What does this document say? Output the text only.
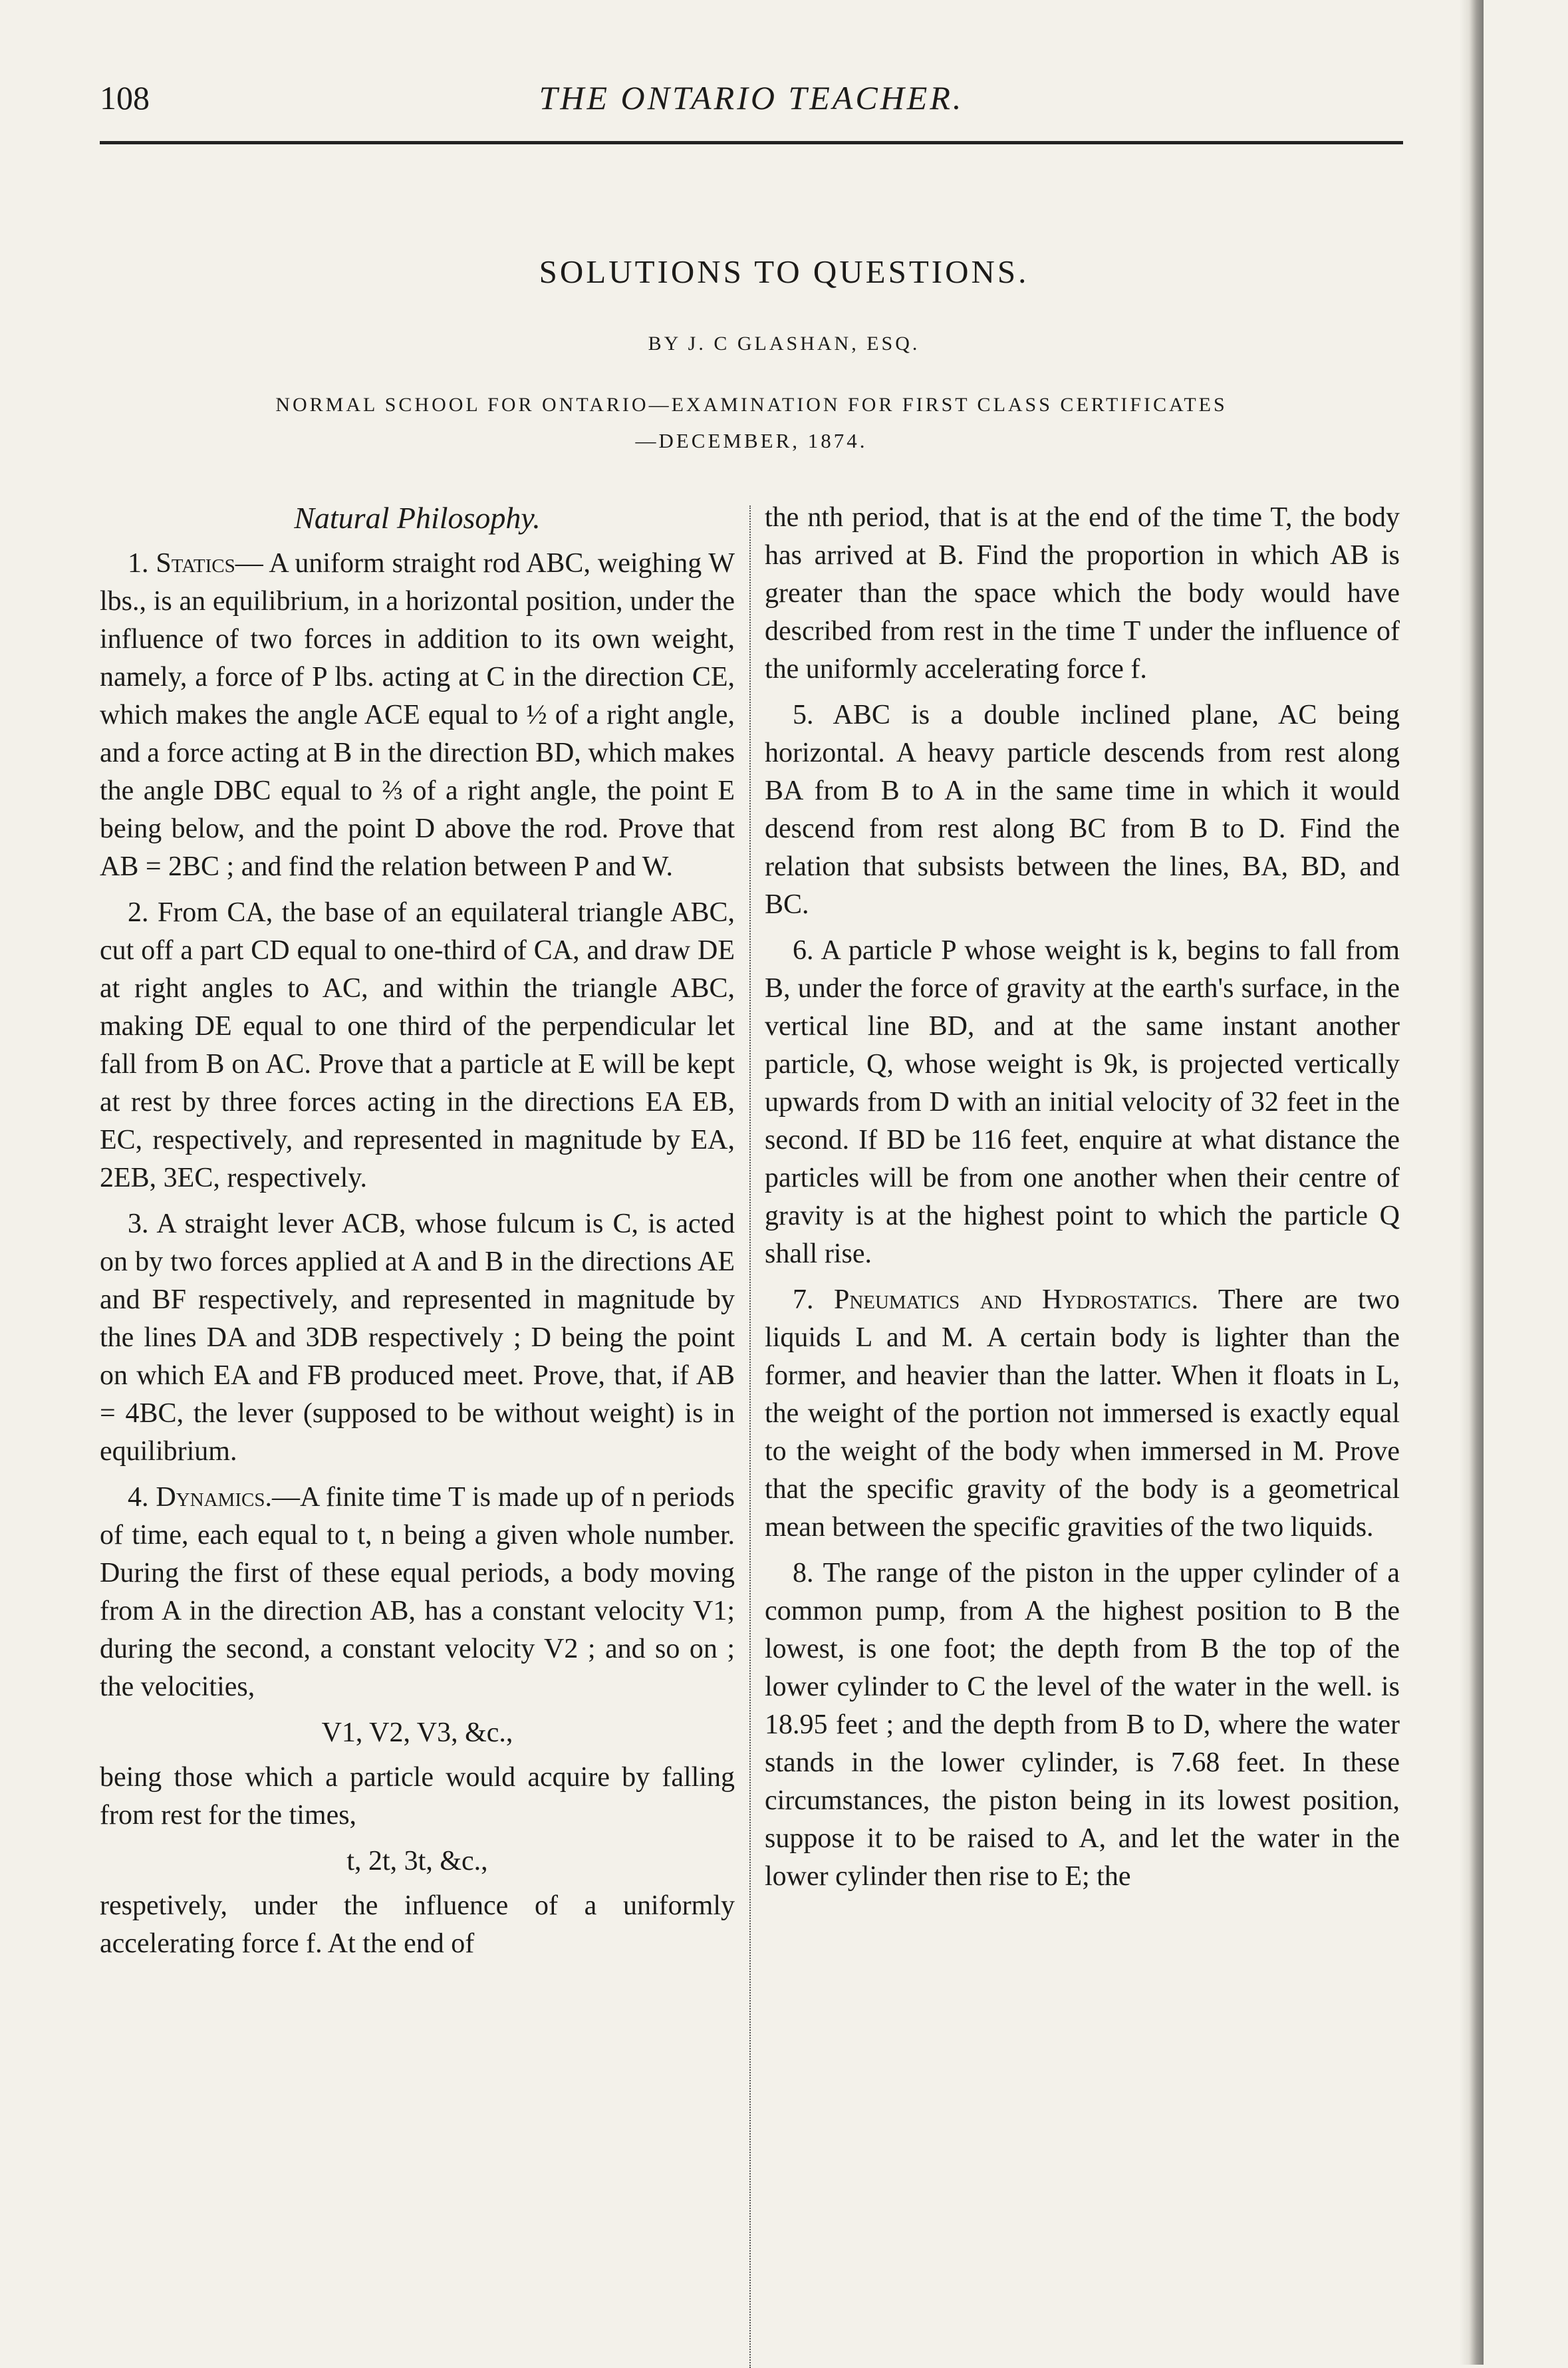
108	THE ONTARIO TEACHER.
SOLUTIONS TO QUESTIONS.
BY J. C GLASHAN, ESQ.
NORMAL SCHOOL FOR ONTARIO—EXAMINATION FOR FIRST CLASS CERTIFICATES
—DECEMBER, 1874.
Natural Philosophy.

1. Statics— A uniform straight rod ABC, weighing W lbs., is an equilibrium, in a horizontal position, under the influence of two forces in addition to its own weight, namely, a force of P lbs. acting at C in the direction CE, which makes the angle ACE equal to ½ of a right angle, and a force acting at B in the direction BD, which makes the angle DBC equal to ⅔ of a right angle, the point E being below, and the point D above the rod. Prove that AB = 2BC ; and find the relation between P and W.

2. From CA, the base of an equilateral triangle ABC, cut off a part CD equal to one-third of CA, and draw DE at right angles to AC, and within the triangle ABC, making DE equal to one third of the perpendicular let fall from B on AC. Prove that a particle at E will be kept at rest by three forces acting in the directions EA EB, EC, respectively, and represented in magnitude by EA, 2EB, 3EC, respectively.

3. A straight lever ACB, whose fulcum is C, is acted on by two forces applied at A and B in the directions AE and BF respectively, and represented in magnitude by the lines DA and 3DB respectively ; D being the point on which EA and FB produced meet. Prove, that, if AB = 4BC, the lever (supposed to be without weight) is in equilibrium.

4. Dynamics.—A finite time T is made up of n periods of time, each equal to t, n being a given whole number. During the first of these equal periods, a body moving from A in the direction AB, has a constant velocity V1; during the second, a constant velocity V2 ; and so on ; the velocities,

V1, V2, V3, &c.,

being those which a particle would acquire by falling from rest for the times,

t, 2t, 3t, &c.,

respetively, under the influence of a uniformly accelerating force f. At the end of

the nth period, that is at the end of the time T, the body has arrived at B. Find the proportion in which AB is greater than the space which the body would have described from rest in the time T under the influence of the uniformly accelerating force f.

5. ABC is a double inclined plane, AC being horizontal. A heavy particle descends from rest along BA from B to A in the same time in which it would descend from rest along BC from B to D. Find the relation that subsists between the lines, BA, BD, and BC.

6. A particle P whose weight is k, begins to fall from B, under the force of gravity at the earth's surface, in the vertical line BD, and at the same instant another particle, Q, whose weight is 9k, is projected vertically upwards from D with an initial velocity of 32 feet in the second. If BD be 116 feet, enquire at what distance the particles will be from one another when their centre of gravity is at the highest point to which the particle Q shall rise.

7. Pneumatics and Hydrostatics. There are two liquids L and M. A certain body is lighter than the former, and heavier than the latter. When it floats in L, the weight of the portion not immersed is exactly equal to the weight of the body when immersed in M. Prove that the specific gravity of the body is a geometrical mean between the specific gravities of the two liquids.

8. The range of the piston in the upper cylinder of a common pump, from A the highest position to B the lowest, is one foot; the depth from B the top of the lower cylinder to C the level of the water in the well. is 18.95 feet ; and the depth from B to D, where the water stands in the lower cylinder, is 7.68 feet. In these circumstances, the piston being in its lowest position, suppose it to be raised to A, and let the water in the lower cylinder then rise to E; the
